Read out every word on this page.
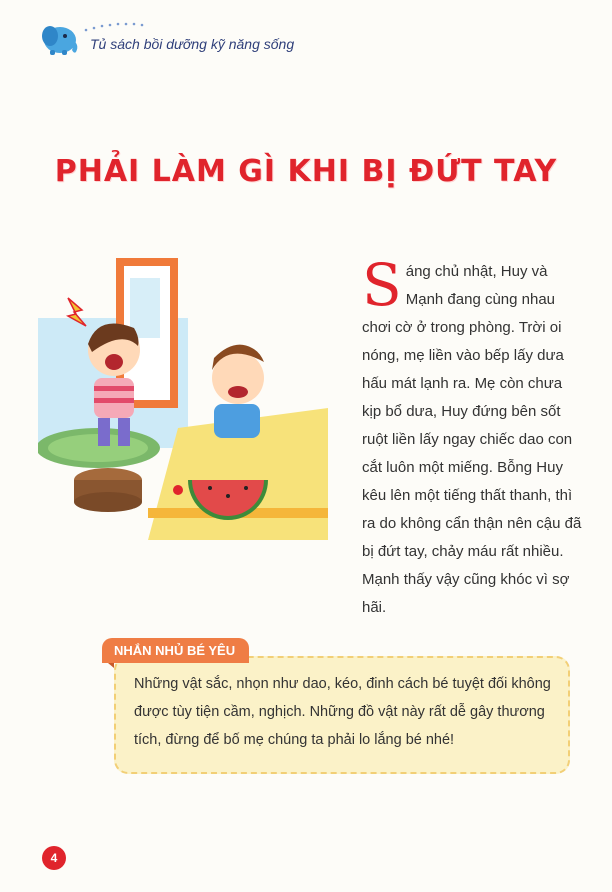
Tủ sách bồi dưỡng kỹ năng sống
PHẢI LÀM GÌ KHI BỊ ĐỨT TAY
Sáng chủ nhật, Huy và Mạnh đang cùng nhau chơi cờ ở trong phòng. Trời oi nóng, mẹ liền vào bếp lấy dưa hấu mát lạnh ra. Mẹ còn chưa kịp bổ dưa, Huy đứng bên sốt ruột liền lấy ngay chiếc dao con cắt luôn một miếng. Bỗng Huy kêu lên một tiếng thất thanh, thì ra do không cẩn thận nên cậu đã bị đứt tay, chảy máu rất nhiều. Mạnh thấy vậy cũng khóc vì sợ hãi.
Những vật sắc, nhọn như dao, kéo, đinh cách bé tuyệt đối không được tùy tiện cầm, nghịch. Những đồ vật này rất dễ gây thương tích, đừng để bố mẹ chúng ta phải lo lắng bé nhé!
NHẮN NHỦ BÉ YÊU
4
